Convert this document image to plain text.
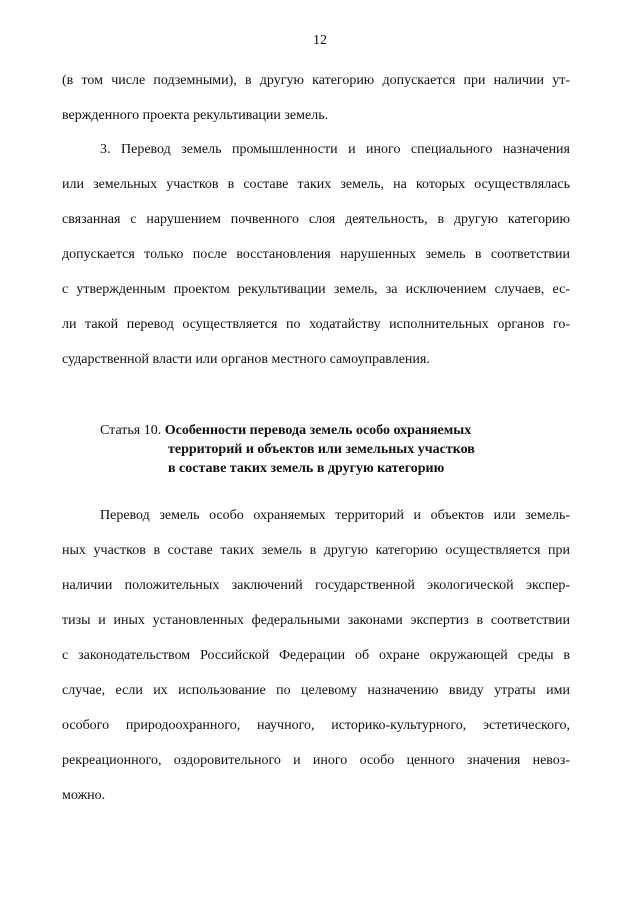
12
(в том числе подземными), в другую категорию допускается при наличии ут-
вержденного проекта рекультивации земель.
3. Перевод земель промышленности и иного специального назначения
или земельных участков в составе таких земель, на которых осуществлялась
связанная с нарушением почвенного слоя деятельность, в другую категорию
допускается только после восстановления нарушенных земель в соответствии
с утвержденным проектом рекультивации земель, за исключением случаев, ес-
ли такой перевод осуществляется по ходатайству исполнительных органов го-
сударственной власти или органов местного самоуправления.
Статья 10. Особенности перевода земель особо охраняемых
территорий и объектов или земельных участков
в составе таких земель в другую категорию
Перевод земель особо охраняемых территорий и объектов или земель-
ных участков в составе таких земель в другую категорию осуществляется при
наличии положительных заключений государственной экологической экспер-
тизы и иных установленных федеральными законами экспертиз в соответствии
с законодательством Российской Федерации об охране окружающей среды в
случае, если их использование по целевому назначению ввиду утраты ими
особого природоохранного, научного, историко-культурного, эстетического,
рекреационного, оздоровительного и иного особо ценного значения невоз-
можно.
